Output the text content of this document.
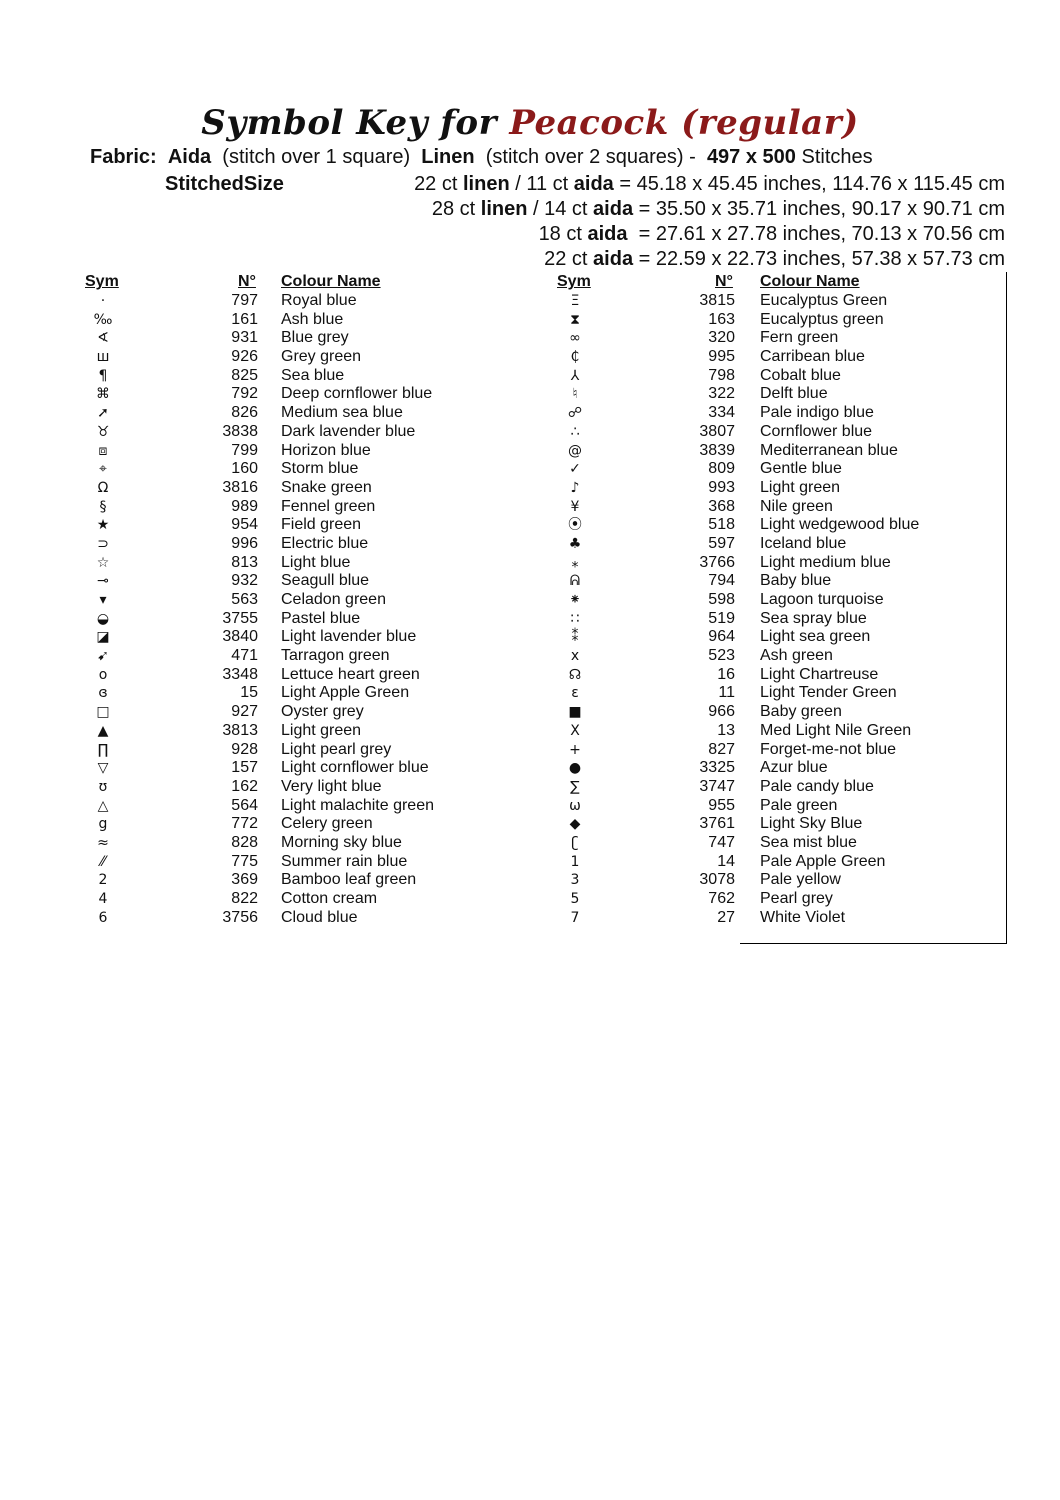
Symbol Key for Peacock (regular)
Fabric: Aida (stitch over 1 square) Linen (stitch over 2 squares) - 497 x 500 Stitches
StitchedSize	22 ct linen / 11 ct aida = 45.18 x 45.45 inches, 114.76 x 115.45 cm
28 ct linen / 14 ct aida = 35.50 x 35.71 inches, 90.17 x 90.71 cm
18 ct aida  = 27.61 x 27.78 inches, 70.13 x 70.56 cm
22 ct aida = 22.59 x 22.73 inches, 57.38 x 57.73 cm
Sym	N° Colour Name	Sym	N° Colour Name
·	797 Royal blue
‰	161 Ash blue
∢	931 Blue grey
ш	926 Grey green
¶	825 Sea blue
⌘	792 Deep cornflower blue
➚	826 Medium sea blue
♉	3838 Dark lavender blue
⧈	799 Horizon blue
⌖	160 Storm blue
Ω	3816 Snake green
§	989 Fennel green
★	954 Field green
⊃	996 Electric blue
☆	813 Light blue
⊸	932 Seagull blue
▾	563 Celadon green
◒	3755 Pastel blue
◪	3840 Light lavender blue
➹	471 Tarragon green
o	3348 Lettuce heart green
ɞ	15 Light Apple Green
□	927 Oyster grey
▲	3813 Light green
∏	928 Light pearl grey
▽	157 Light cornflower blue
ʊ	162 Very light blue
△	564 Light malachite green
g	772 Celery green
≈	828 Morning sky blue
⁄⁄	775 Summer rain blue
2	369 Bamboo leaf green
4	822 Cotton cream
6	3756 Cloud blue
Ξ	3815 Eucalyptus Green
⧗	163 Eucalyptus green
∞	320 Fern green
₵	995 Carribean blue
⅄	798 Cobalt blue
♮	322 Delft blue
☍	334 Pale indigo blue
∴	3807 Cornflower blue
@	3839 Mediterranean blue
✓	809 Gentle blue
♪	993 Light green
¥	368 Nile green
⦿	518 Light wedgewood blue
♣	597 Iceland blue
⁎	3766 Light medium blue
ᕱ	794 Baby blue
⁕	598 Lagoon turquoise
∷	519 Sea spray blue
⁑	964 Light sea green
x	523 Ash green
☊	16 Light Chartreuse
ε	11 Light Tender Green
■	966 Baby green
Ⅹ	13 Med Light Nile Green
+	827 Forget-me-not blue
●	3325 Azur blue
∑	3747 Pale candy blue
ω	955 Pale green
◆	3761 Light Sky Blue
ʗ	747 Sea mist blue
1	14 Pale Apple Green
3	3078 Pale yellow
5	762 Pearl grey
7	27 White Violet
